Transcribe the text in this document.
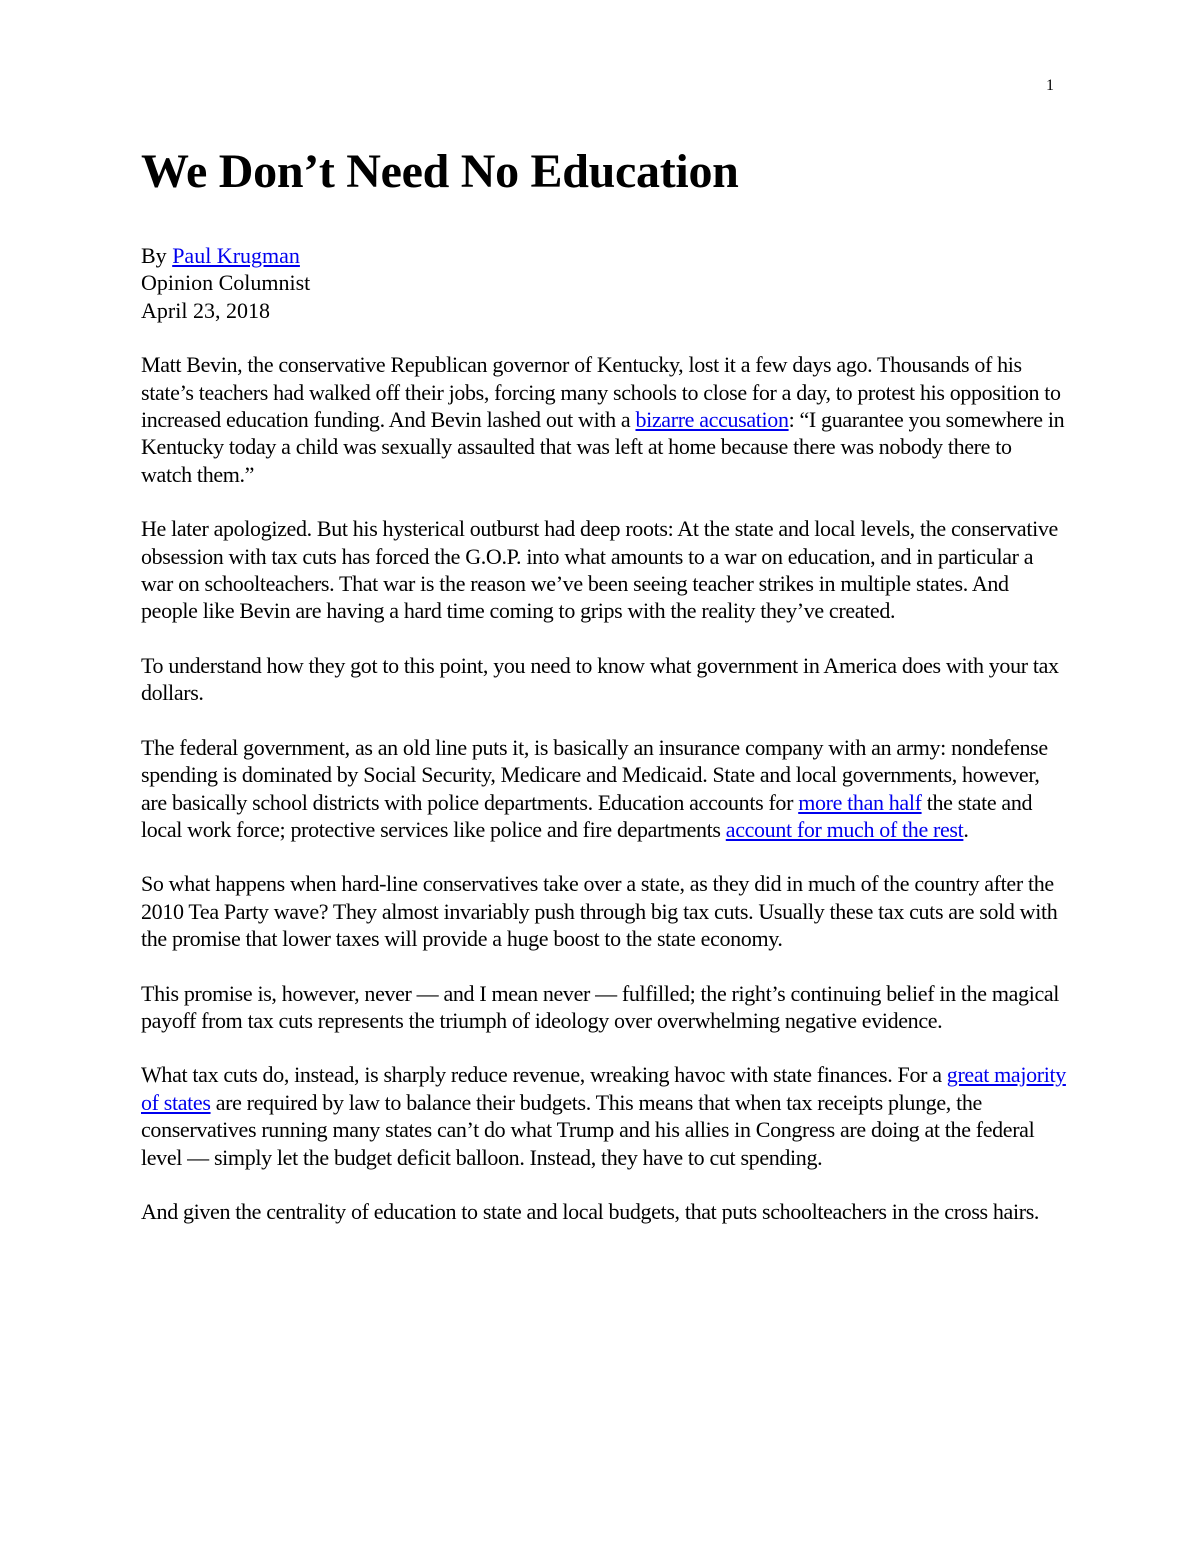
1
We Don’t Need No Education
By Paul Krugman
Opinion Columnist
April 23, 2018

Matt Bevin, the conservative Republican governor of Kentucky, lost it a few days ago. Thousands of his state’s teachers had walked off their jobs, forcing many schools to close for a day, to protest his opposition to increased education funding. And Bevin lashed out with a bizarre accusation: “I guarantee you somewhere in Kentucky today a child was sexually assaulted that was left at home because there was nobody there to watch them.”

He later apologized. But his hysterical outburst had deep roots: At the state and local levels, the conservative obsession with tax cuts has forced the G.O.P. into what amounts to a war on education, and in particular a war on schoolteachers. That war is the reason we’ve been seeing teacher strikes in multiple states. And people like Bevin are having a hard time coming to grips with the reality they’ve created.

To understand how they got to this point, you need to know what government in America does with your tax dollars.

The federal government, as an old line puts it, is basically an insurance company with an army: nondefense spending is dominated by Social Security, Medicare and Medicaid. State and local governments, however, are basically school districts with police departments. Education accounts for more than half the state and local work force; protective services like police and fire departments account for much of the rest.

So what happens when hard-line conservatives take over a state, as they did in much of the country after the 2010 Tea Party wave? They almost invariably push through big tax cuts. Usually these tax cuts are sold with the promise that lower taxes will provide a huge boost to the state economy.

This promise is, however, never — and I mean never — fulfilled; the right’s continuing belief in the magical payoff from tax cuts represents the triumph of ideology over overwhelming negative evidence.

What tax cuts do, instead, is sharply reduce revenue, wreaking havoc with state finances. For a great majority of states are required by law to balance their budgets. This means that when tax receipts plunge, the conservatives running many states can’t do what Trump and his allies in Congress are doing at the federal level — simply let the budget deficit balloon. Instead, they have to cut spending.

And given the centrality of education to state and local budgets, that puts schoolteachers in the cross hairs.
